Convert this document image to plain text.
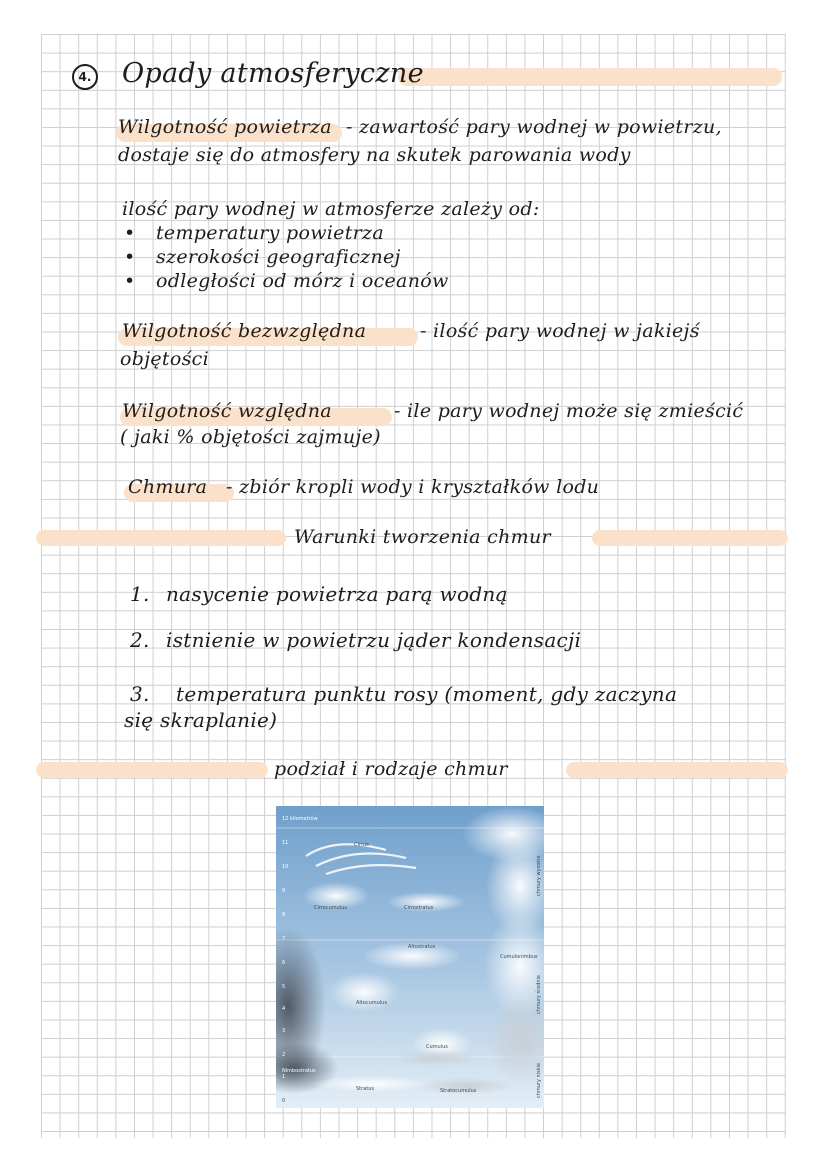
4. Opady atmosferyczne
Wilgotność powietrza - zawartość pary wodnej w powietrzu,
dostaje się do atmosfery na skutek parowania wody
ilość pary wodnej w atmosferze zależy od:
• temperatury powietrza
• szerokości geograficznej
• odległości od mórz i oceanów
Wilgotność bezwzględna	- ilość pary wodnej w jakiejś
objętości
Wilgotność względna	- ile pary wodnej może się zmieścić
( jaki % objętości zajmuje)
Chmura - zbiór kropli wody i kryształków lodu
Warunki tworzenia chmur
1. nasycenie powietrza parą wodną
2. istnienie w powietrzu jąder kondensacji
3. temperatura punktu rosy (moment, gdy zaczyna
się skraplanie)
podział i rodzaje chmur
12 kilometrów
11
10
9
8
7
6
5
4
3
2
1
0
Cirrus
Cirrocumulus	Cirrostratus
Cumulonimbus
Altostratus
Altocumulus
Cumulus
Nimbostratus
Stratus	Stratocumulus
chmury wysokie
chmury średnie
chmury niskie
